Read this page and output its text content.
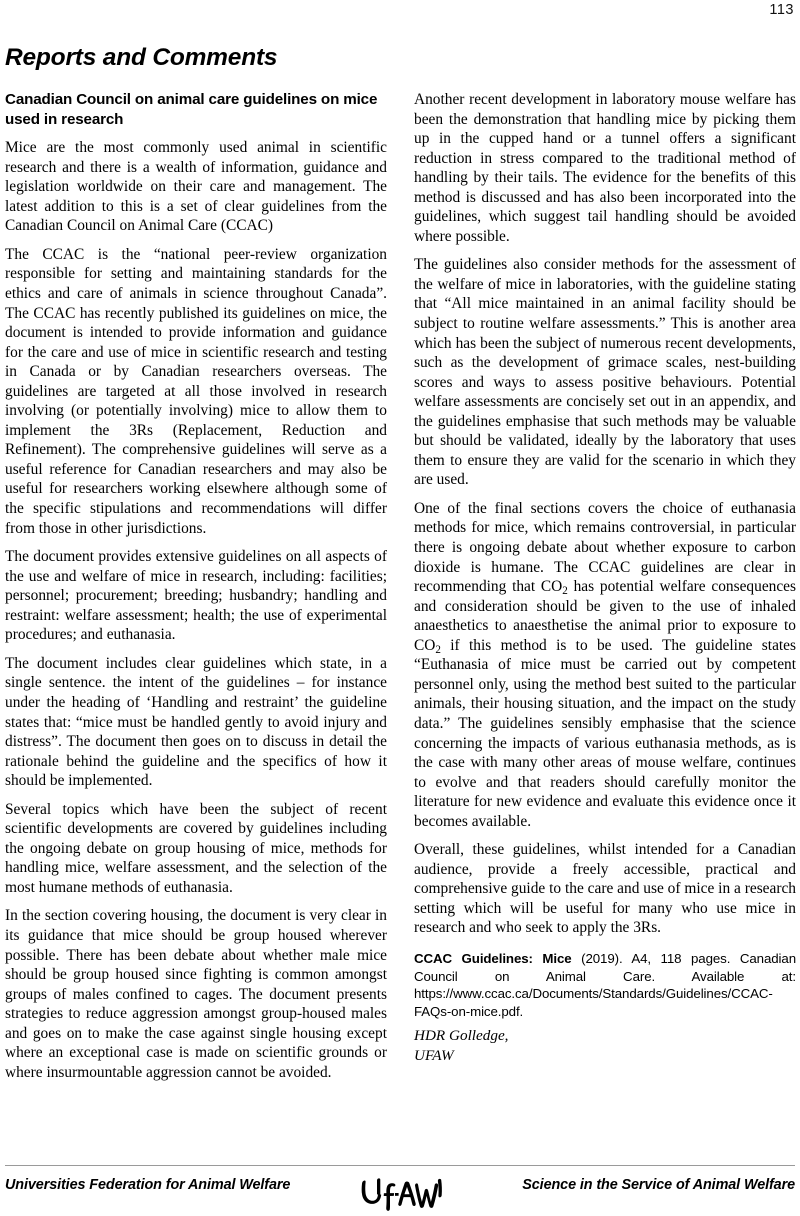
113
Reports and Comments
Canadian Council on animal care guidelines on mice used in research

Mice are the most commonly used animal in scientific research and there is a wealth of information, guidance and legislation worldwide on their care and management. The latest addition to this is a set of clear guidelines from the Canadian Council on Animal Care (CCAC)

The CCAC is the “national peer-review organization responsible for setting and maintaining standards for the ethics and care of animals in science throughout Canada”. The CCAC has recently published its guidelines on mice, the document is intended to provide information and guidance for the care and use of mice in scientific research and testing in Canada or by Canadian researchers overseas. The guidelines are targeted at all those involved in research involving (or potentially involving) mice to allow them to implement the 3Rs (Replacement, Reduction and Refinement). The comprehensive guidelines will serve as a useful reference for Canadian researchers and may also be useful for researchers working elsewhere although some of the specific stipulations and recommendations will differ from those in other jurisdictions.

The document provides extensive guidelines on all aspects of the use and welfare of mice in research, including: facilities; personnel; procurement; breeding; husbandry; handling and restraint: welfare assessment; health; the use of experimental procedures; and euthanasia.

The document includes clear guidelines which state, in a single sentence. the intent of the guidelines – for instance under the heading of ‘Handling and restraint’ the guideline states that: “mice must be handled gently to avoid injury and distress”. The document then goes on to discuss in detail the rationale behind the guideline and the specifics of how it should be implemented.

Several topics which have been the subject of recent scientific developments are covered by guidelines including the ongoing debate on group housing of mice, methods for handling mice, welfare assessment, and the selection of the most humane methods of euthanasia.

In the section covering housing, the document is very clear in its guidance that mice should be group housed wherever possible. There has been debate about whether male mice should be group housed since fighting is common amongst groups of males confined to cages. The document presents strategies to reduce aggression amongst group-housed males and goes on to make the case against single housing except where an exceptional case is made on scientific grounds or where insurmountable aggression cannot be avoided.

Another recent development in laboratory mouse welfare has been the demonstration that handling mice by picking them up in the cupped hand or a tunnel offers a significant reduction in stress compared to the traditional method of handling by their tails. The evidence for the benefits of this method is discussed and has also been incorporated into the guidelines, which suggest tail handling should be avoided where possible.

The guidelines also consider methods for the assessment of the welfare of mice in laboratories, with the guideline stating that “All mice maintained in an animal facility should be subject to routine welfare assessments.” This is another area which has been the subject of numerous recent developments, such as the development of grimace scales, nest-building scores and ways to assess positive behaviours. Potential welfare assessments are concisely set out in an appendix, and the guidelines emphasise that such methods may be valuable but should be validated, ideally by the laboratory that uses them to ensure they are valid for the scenario in which they are used.

One of the final sections covers the choice of euthanasia methods for mice, which remains controversial, in particular there is ongoing debate about whether exposure to carbon dioxide is humane. The CCAC guidelines are clear in recommending that $CO_2$ has potential welfare consequences and consideration should be given to the use of inhaled anaesthetics to anaesthetise the animal prior to exposure to $CO_2$ if this method is to be used. The guideline states “Euthanasia of mice must be carried out by competent personnel only, using the method best suited to the particular animals, their housing situation, and the impact on the study data.” The guidelines sensibly emphasise that the science concerning the impacts of various euthanasia methods, as is the case with many other areas of mouse welfare, continues to evolve and that readers should carefully monitor the literature for new evidence and evaluate this evidence once it becomes available.

Overall, these guidelines, whilst intended for a Canadian audience, provide a freely accessible, practical and comprehensive guide to the care and use of mice in a research setting which will be useful for many who use mice in research and who seek to apply the 3Rs.

CCAC Guidelines: Mice (2019). A4, 118 pages. Canadian Council on Animal Care. Available at: https://www.ccac.ca/Documents/Standards/Guidelines/CCAC-FAQs-on-mice.pdf.

HDR Golledge,
UFAW
Universities Federation for Animal Welfare	Science in the Service of Animal Welfare
